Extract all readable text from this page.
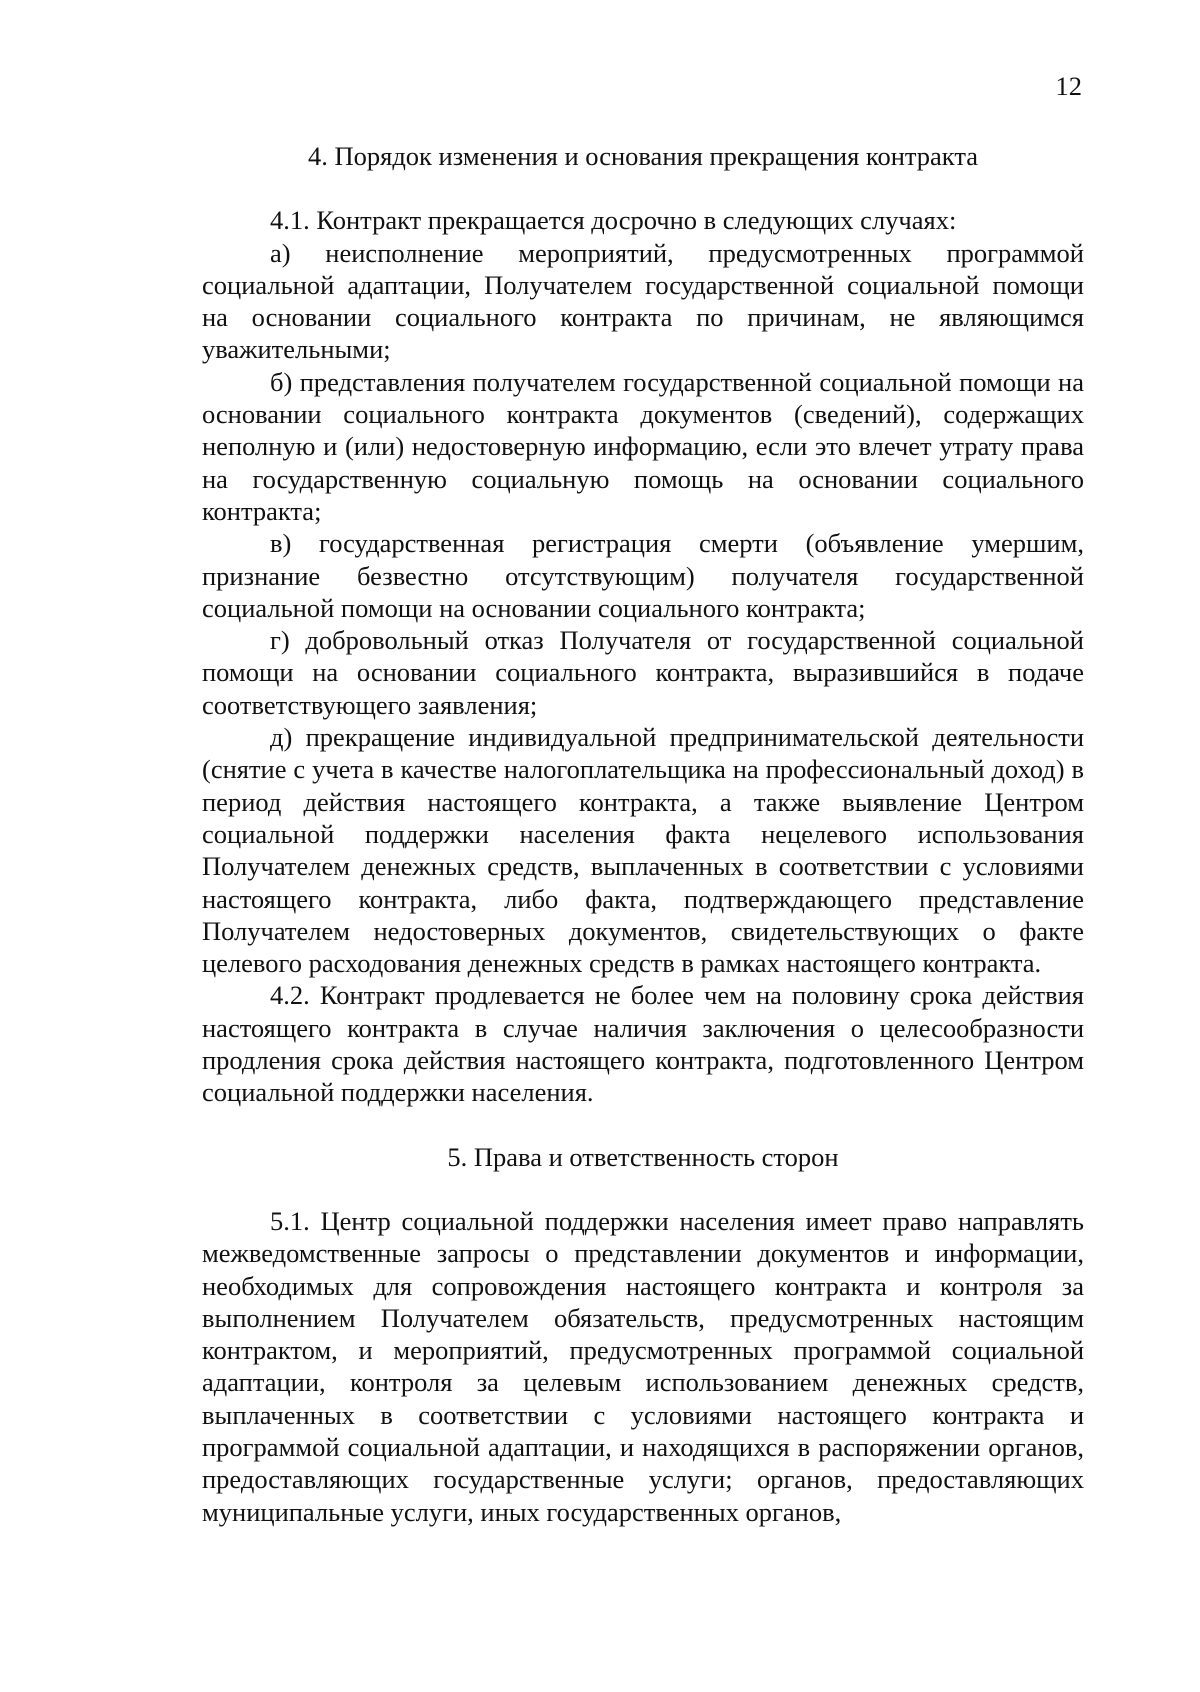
12

4. Порядок изменения и основания прекращения контракта

4.1. Контракт прекращается досрочно в следующих случаях:

а) неисполнение мероприятий, предусмотренных программой социальной адаптации, Получателем государственной социальной помощи на основании социального контракта по причинам, не являющимся уважительными;

б) представления получателем государственной социальной помощи на основании социального контракта документов (сведений), содержащих неполную и (или) недостоверную информацию, если это влечет утрату права на государственную социальную помощь на основании социального контракта;

в) государственная регистрация смерти (объявление умершим, признание безвестно отсутствующим) получателя государственной социальной помощи на основании социального контракта;

г) добровольный отказ Получателя от государственной социальной помощи на основании социального контракта, выразившийся в подаче соответствующего заявления;

д) прекращение индивидуальной предпринимательской деятельности (снятие с учета в качестве налогоплательщика на профессиональный доход) в период действия настоящего контракта, а также выявление Центром социальной поддержки населения факта нецелевого использования Получателем денежных средств, выплаченных в соответствии с условиями настоящего контракта, либо факта, подтверждающего представление Получателем недостоверных документов, свидетельствующих о факте целевого расходования денежных средств в рамках настоящего контракта.

4.2. Контракт продлевается не более чем на половину срока действия настоящего контракта в случае наличия заключения о целесообразности продления срока действия настоящего контракта, подготовленного Центром социальной поддержки населения.

5. Права и ответственность сторон

5.1. Центр социальной поддержки населения имеет право направлять межведомственные запросы о представлении документов и информации, необходимых для сопровождения настоящего контракта и контроля за выполнением Получателем обязательств, предусмотренных настоящим контрактом, и мероприятий, предусмотренных программой социальной адаптации, контроля за целевым использованием денежных средств, выплаченных в соответствии с условиями настоящего контракта и программой социальной адаптации, и находящихся в распоряжении органов, предоставляющих государственные услуги; органов, предоставляющих муниципальные услуги, иных государственных органов,
